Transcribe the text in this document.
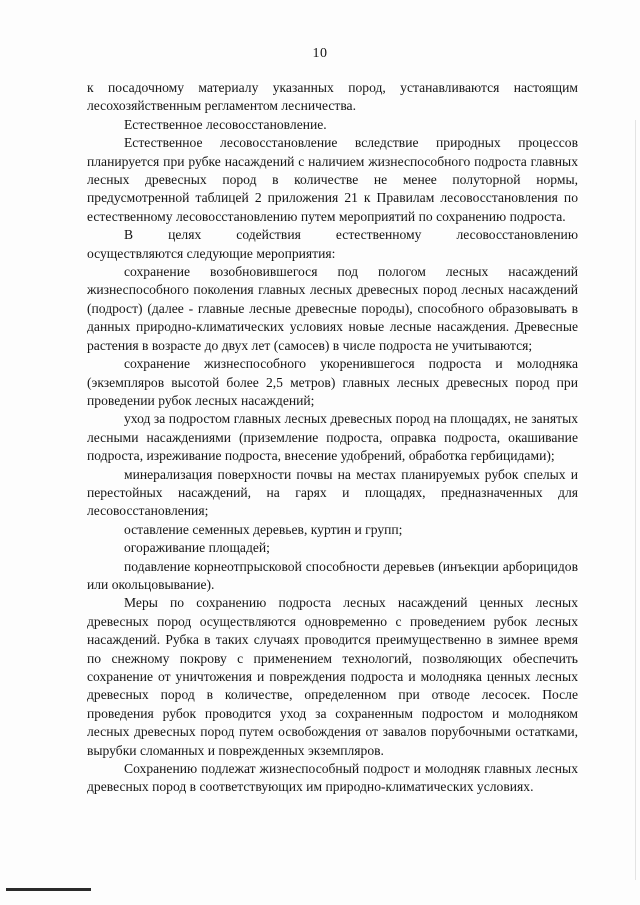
10

к посадочному материалу указанных пород, устанавливаются настоящим лесохозяйственным регламентом лесничества.

Естественное лесовосстановление.

Естественное лесовосстановление вследствие природных процессов планируется при рубке насаждений с наличием жизнеспособного подроста главных лесных древесных пород в количестве не менее полуторной нормы, предусмотренной таблицей 2 приложения 21 к Правилам лесовосстановления по естественному лесовосстановлению путем мероприятий по сохранению подроста.

В целях содействия естественному лесовосстановлению

осуществляются следующие мероприятия:

сохранение возобновившегося под пологом лесных насаждений жизнеспособного поколения главных лесных древесных пород лесных насаждений (подрост) (далее - главные лесные древесные породы), способного образовывать в данных природно-климатических условиях новые лесные насаждения. Древесные растения в возрасте до двух лет (самосев) в числе подроста не учитываются;

сохранение жизнеспособного укоренившегося подроста и молодняка (экземпляров высотой более 2,5 метров) главных лесных древесных пород при проведении рубок лесных насаждений;

уход за подростом главных лесных древесных пород на площадях, не занятых лесными насаждениями (приземление подроста, оправка подроста, окашивание подроста, изреживание подроста, внесение удобрений, обработка гербицидами);

минерализация поверхности почвы на местах планируемых рубок спелых и перестойных насаждений, на гарях и площадях, предназначенных для лесовосстановления;

оставление семенных деревьев, куртин и групп;

огораживание площадей;

подавление корнеотпрысковой способности деревьев (инъекции арборицидов или окольцовывание).

Меры по сохранению подроста лесных насаждений ценных лесных древесных пород осуществляются одновременно с проведением рубок лесных насаждений. Рубка в таких случаях проводится преимущественно в зимнее время по снежному покрову с применением технологий, позволяющих обеспечить сохранение от уничтожения и повреждения подроста и молодняка ценных лесных древесных пород в количестве, определенном при отводе лесосек. После проведения рубок проводится уход за сохраненным подростом и молодняком лесных древесных пород путем освобождения от завалов порубочными остатками, вырубки сломанных и поврежденных экземпляров.

Сохранению подлежат жизнеспособный подрост и молодняк главных лесных древесных пород в соответствующих им природно-климатических условиях.
